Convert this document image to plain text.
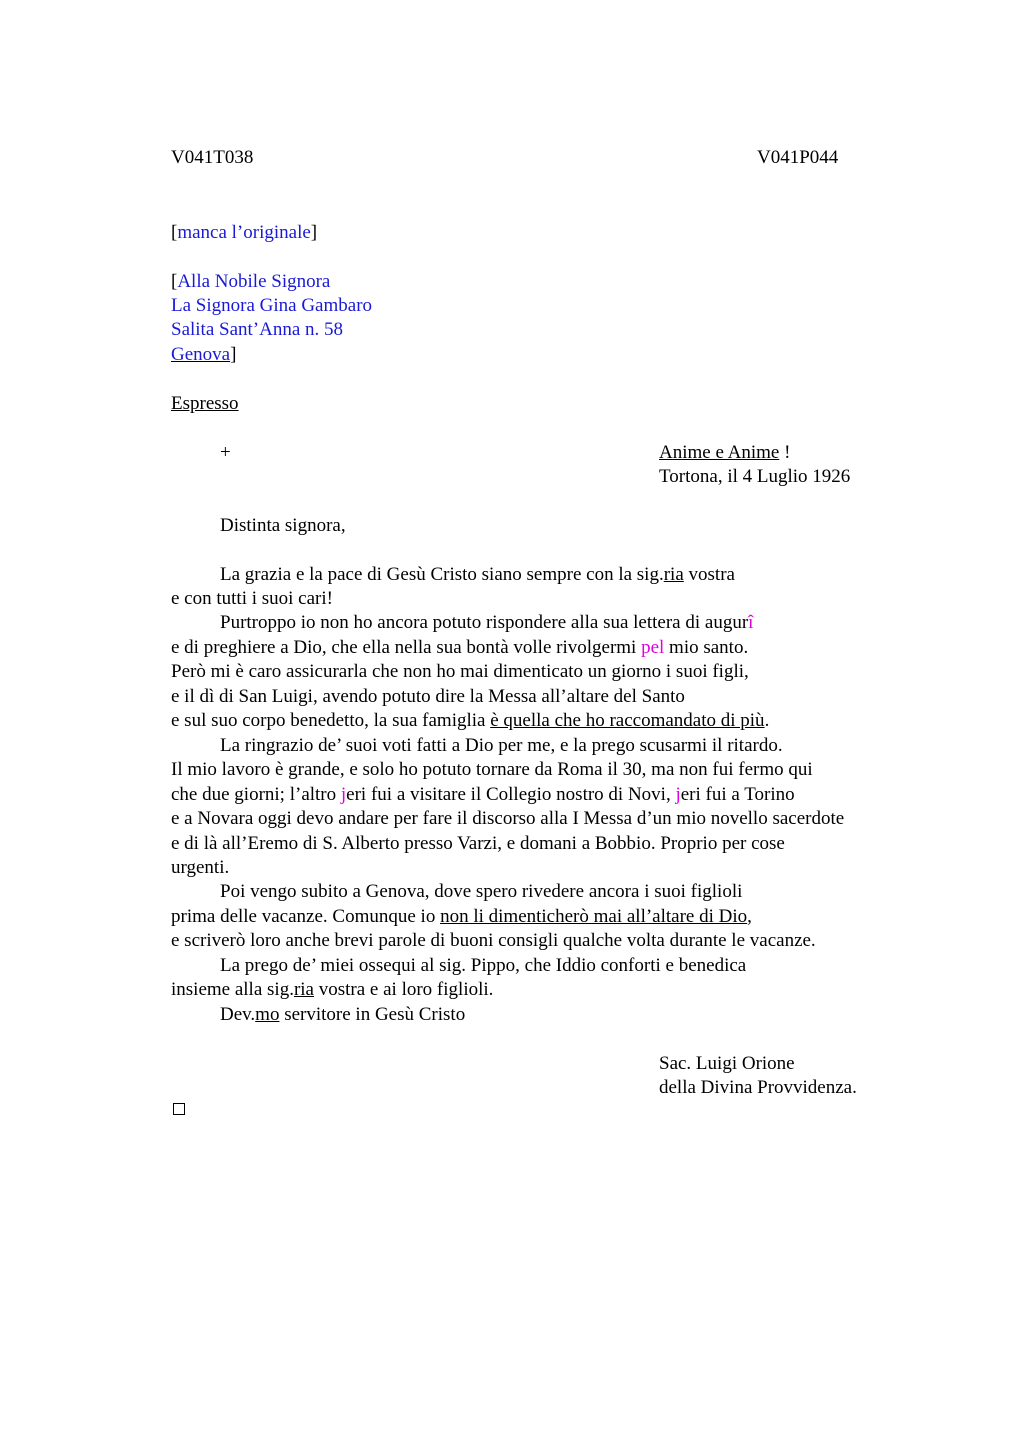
V041T038	V041P044
[manca l’originale]
[Alla Nobile Signora
La Signora Gina Gambaro
Salita Sant’Anna n. 58
Genova]
Espresso
+	Anime e Anime !
Tortona, il 4 Luglio 1926
Distinta signora,
La grazia e la pace di Gesù Cristo siano sempre con la sig.ria vostra
e con tutti i suoi cari!
Purtroppo io non ho ancora potuto rispondere alla sua lettera di augurî
e di preghiere a Dio, che ella nella sua bontà volle rivolgermi pel mio santo.
Però mi è caro assicurarla che non ho mai dimenticato un giorno i suoi figli,
e il dì di San Luigi, avendo potuto dire la Messa all’altare del Santo
e sul suo corpo benedetto, la sua famiglia è quella che ho raccomandato di più.
La ringrazio de’ suoi voti fatti a Dio per me, e la prego scusarmi il ritardo.
Il mio lavoro è grande, e solo ho potuto tornare da Roma il 30, ma non fui fermo qui
che due giorni; l’altro jeri fui a visitare il Collegio nostro di Novi, jeri fui a Torino
e a Novara oggi devo andare per fare il discorso alla I Messa d’un mio novello sacerdote
e di là all’Eremo di S. Alberto presso Varzi, e domani a Bobbio. Proprio per cose
urgenti.
Poi vengo subito a Genova, dove spero rivedere ancora i suoi figlioli
prima delle vacanze. Comunque io non li dimenticherò mai all’altare di Dio,
e scriverò loro anche brevi parole di buoni consigli qualche volta durante le vacanze.
La prego de’ miei ossequi al sig. Pippo, che Iddio conforti e benedica
insieme alla sig.ria vostra e ai loro figlioli.
Dev.mo servitore in Gesù Cristo
Sac. Luigi Orione
della Divina Provvidenza.
